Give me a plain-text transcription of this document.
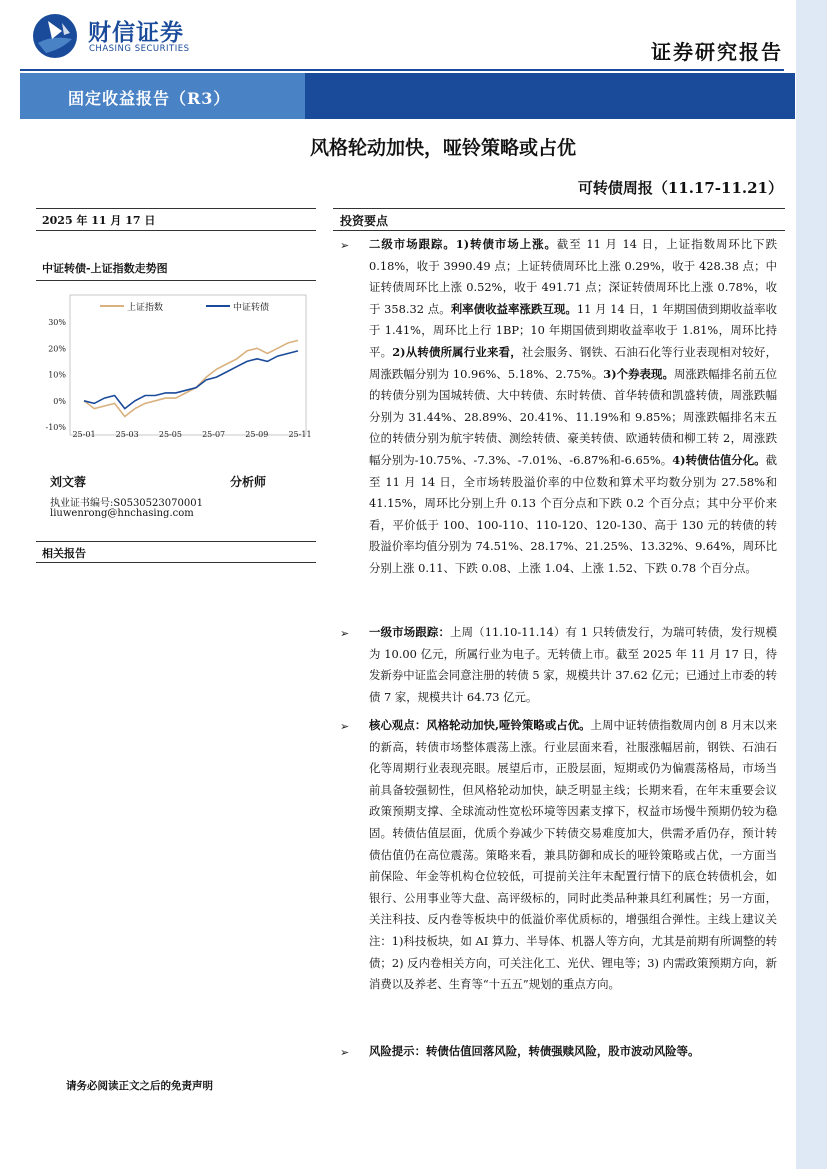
财信证券
CHASING SECURITIES	证券研究报告
固定收益报告（R3）
风格轮动加快，哑铃策略或占优
可转债周报（11.17-11.21）
2025 年 11 月 17 日
中证转债-上证指数走势图
上证指数	中证转债
-10%
0%
10%
20%
30%
25-01	25-03	25-05	25-07	25-09	25-11
刘文蓉	分析师
执业证书编号:S0530523070001
liuwenrong@hnchasing.com
相关报告
投资要点
➢ 二级市场跟踪。1)转债市场上涨。截至 11 月 14 日，上证指数周环比下跌 0.18%，收于 3990.49 点；上证转债周环比上涨 0.29%，收于 428.38 点；中证转债周环比上涨 0.52%，收于 491.71 点；深证转债周环比上涨 0.78%，收于 358.32 点。利率债收益率涨跌互现。11 月 14 日，1 年期国债到期收益率收于 1.41%，周环比上行 1BP；10 年期国债到期收益率收于 1.81%，周环比持平。2)从转债所属行业来看，社会服务、钢铁、石油石化等行业表现相对较好，周涨跌幅分别为 10.96%、5.18%、2.75%。3)个券表现。周涨跌幅排名前五位的转债分别为国城转债、大中转债、东时转债、首华转债和凯盛转债，周涨跌幅分别为 31.44%、28.89%、20.41%、11.19%和 9.85%；周涨跌幅排名末五位的转债分别为航宇转债、测绘转债、豪美转债、欧通转债和柳工转 2，周涨跌幅分别为-10.75%、-7.3%、-7.01%、-6.87%和-6.65%。4)转债估值分化。截至 11 月 14 日，全市场转股溢价率的中位数和算术平均数分别为 27.58%和41.15%，周环比分别上升 0.13 个百分点和下跌 0.2 个百分点；其中分平价来看，平价低于 100、100-110、110-120、120-130、高于 130 元的转债的转股溢价率均值分别为 74.51%、28.17%、21.25%、13.32%、9.64%，周环比分别上涨 0.11、下跌 0.08、上涨 1.04、上涨 1.52、下跌 0.78 个百分点。
➢ 一级市场跟踪：上周（11.10-11.14）有 1 只转债发行，为瑞可转债，发行规模为 10.00 亿元，所属行业为电子。无转债上市。截至 2025 年 11 月 17 日，待发新券中证监会同意注册的转债 5 家，规模共计 37.62 亿元；已通过上市委的转债 7 家，规模共计 64.73 亿元。
➢ 核心观点：风格轮动加快,哑铃策略或占优。上周中证转债指数周内创 8 月末以来的新高，转债市场整体震荡上涨。行业层面来看，社服涨幅居前，钢铁、石油石化等周期行业表现亮眼。展望后市，正股层面，短期或仍为偏震荡格局，市场当前具备较强韧性，但风格轮动加快，缺乏明显主线；长期来看，在年末重要会议政策预期支撑、全球流动性宽松环境等因素支撑下，权益市场慢牛预期仍较为稳固。转债估值层面，优质个券减少下转债交易难度加大，供需矛盾仍存，预计转债估值仍在高位震荡。策略来看，兼具防御和成长的哑铃策略或占优，一方面当前保险、年金等机构仓位较低，可提前关注年末配置行情下的底仓转债机会，如银行、公用事业等大盘、高评级标的，同时此类品种兼具红利属性；另一方面，关注科技、反内卷等板块中的低溢价率优质标的，增强组合弹性。主线上建议关注：1)科技板块，如 AI 算力、半导体、机器人等方向，尤其是前期有所调整的转债；2) 反内卷相关方向，可关注化工、光伏、锂电等；3) 内需政策预期方向，新消费以及养老、生育等“十五五”规划的重点方向。
➢ 风险提示：转债估值回落风险，转债强赎风险，股市波动风险等。
请务必阅读正文之后的免责声明
